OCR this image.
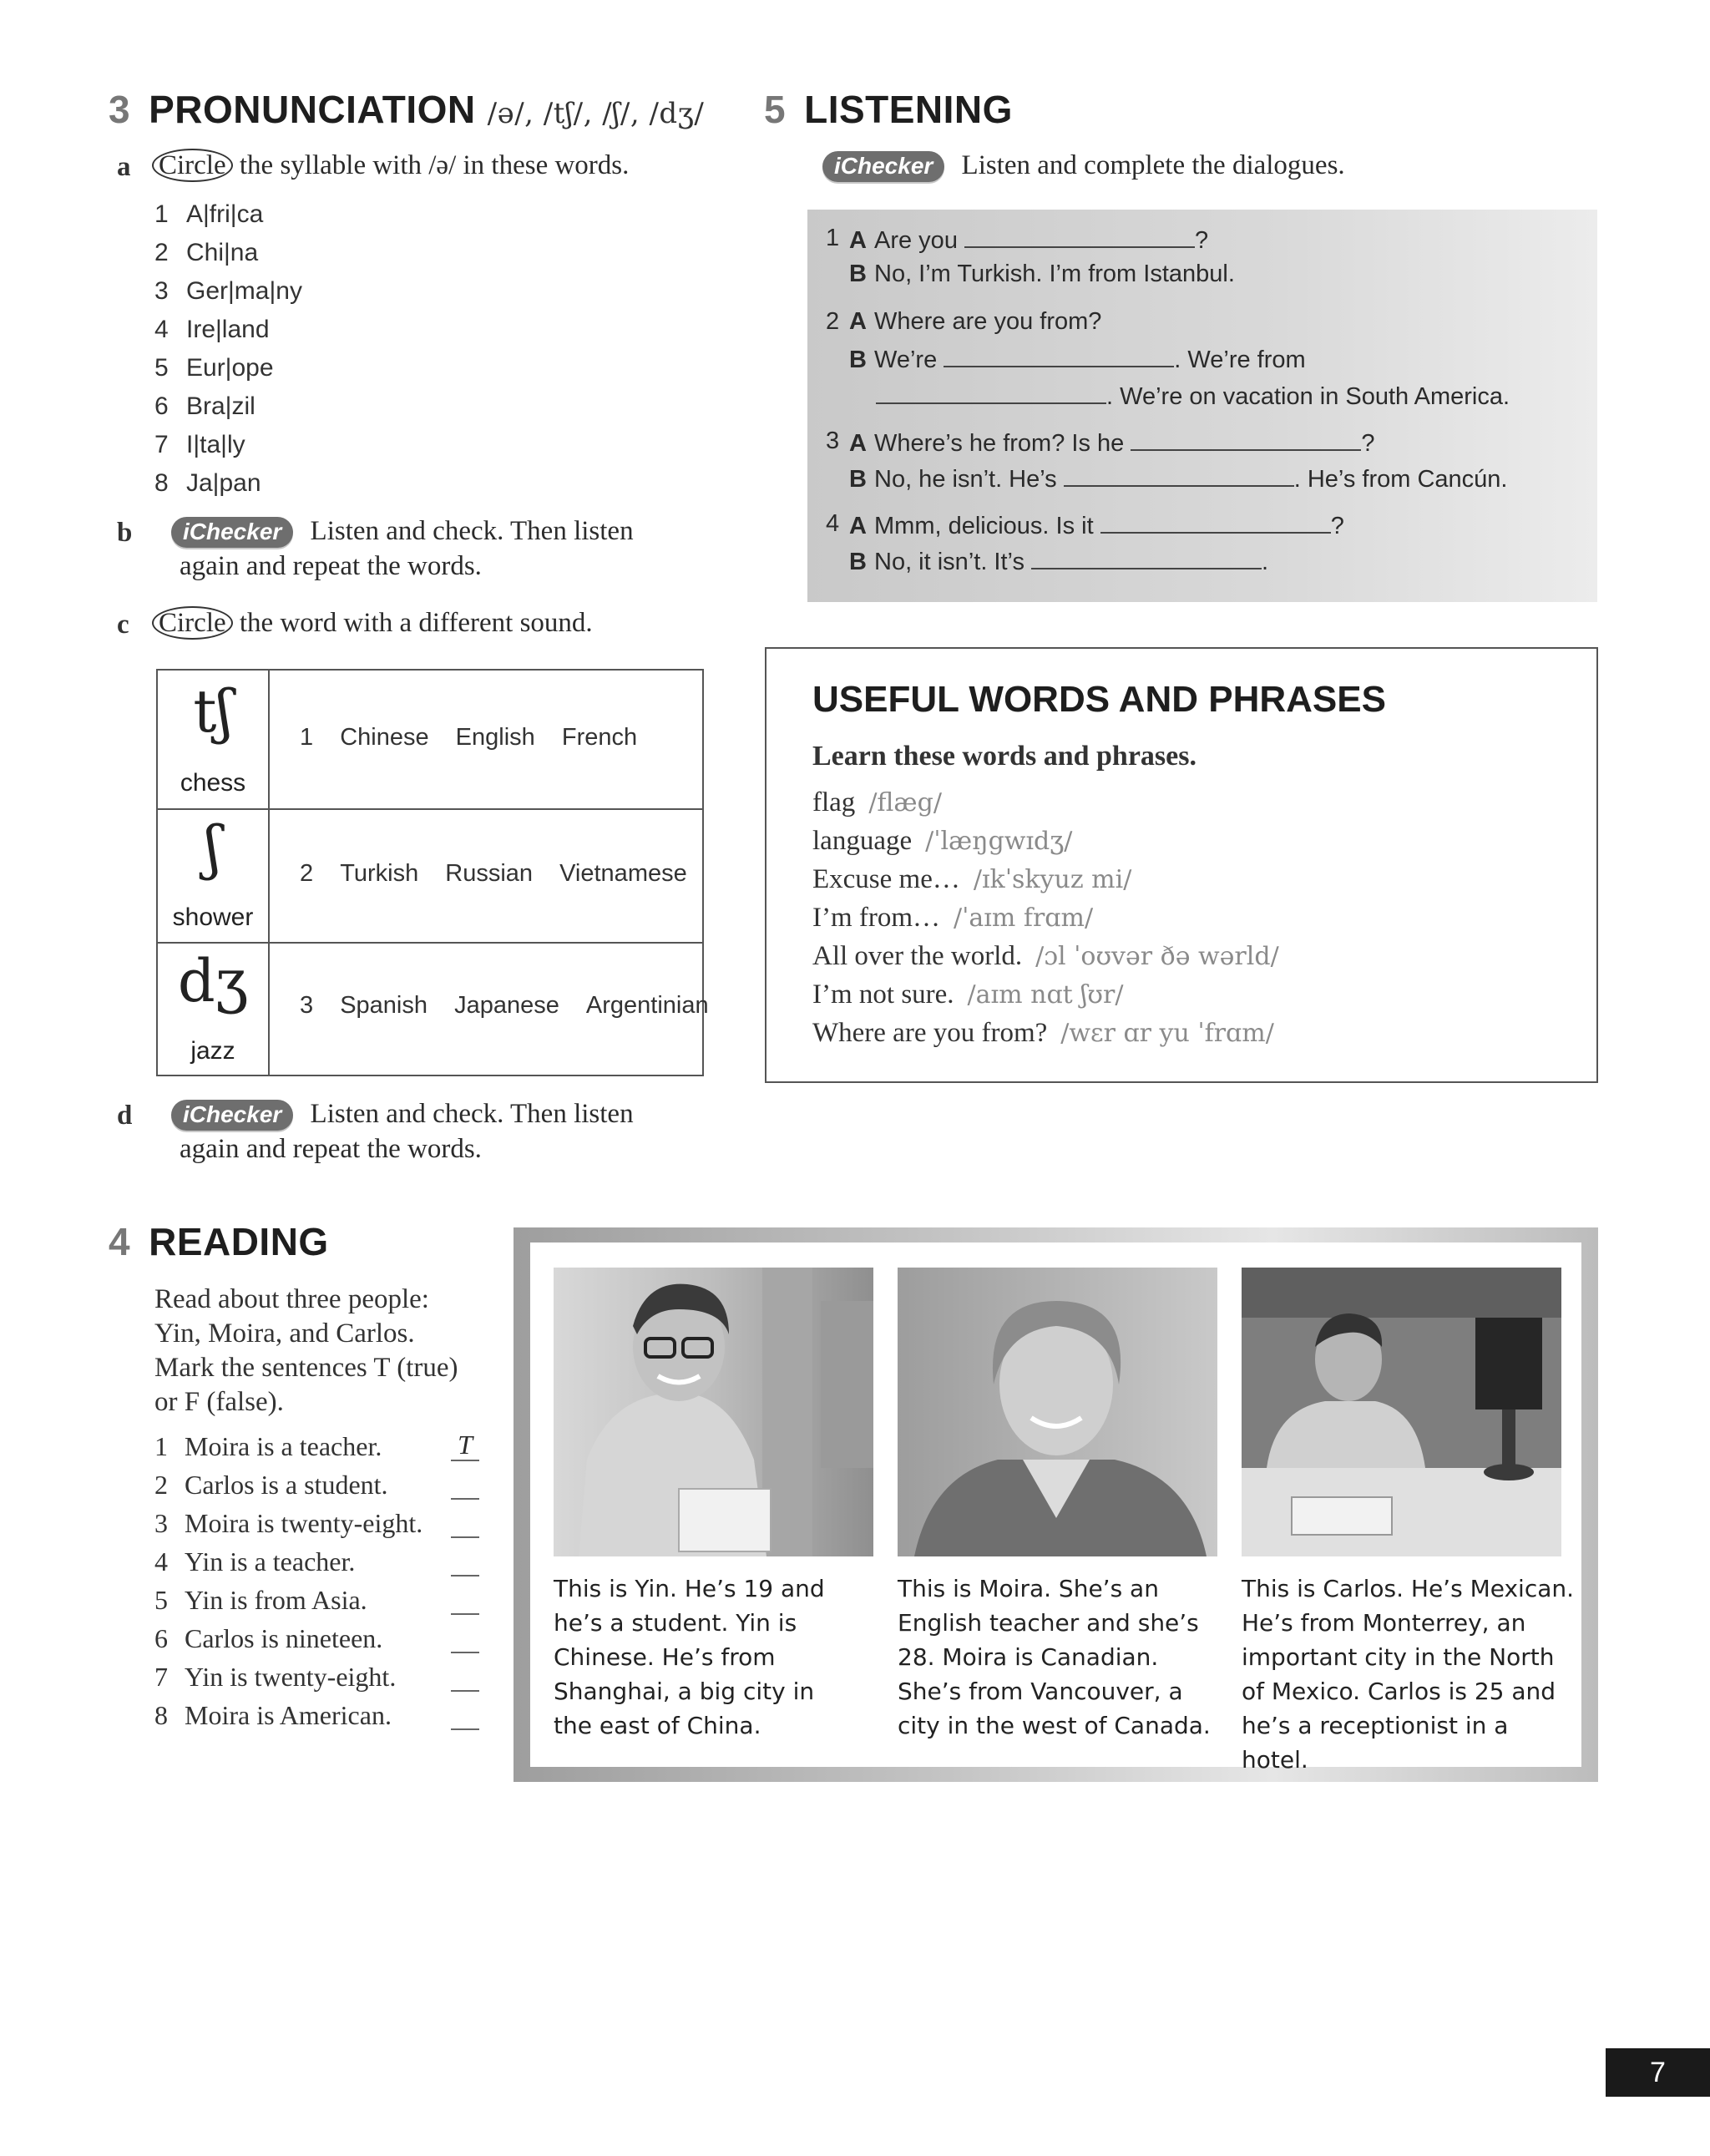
3 PRONUNCIATION /ə/, /tʃ/, /ʃ/, /dʒ/
a Circle the syllable with /ə/ in these words.
1 A|fri|ca
2 Chi|na
3 Ger|ma|ny
4 Ire|land
5 Eur|ope
6 Bra|zil
7 I|ta|ly
8 Ja|pan
b	iChecker Listen and check. Then listen
again and repeat the words.
c Circle the word with a different sound.
tʃ
chess
1 Chinese English French
ʃ
shower
2 Turkish Russian Vietnamese
dʒ
jazz
3 Spanish Japanese Argentinian
d	iChecker Listen and check. Then listen
again and repeat the words.
5 LISTENING
iChecker Listen and complete the dialogues.
1 A Are you	?
B No, I’m Turkish. I’m from Istanbul.
2 A Where are you from?
B We’re	. We’re from
. We’re on vacation in South America.
3 A Where’s he from? Is he	?
B No, he isn’t. He’s	. He’s from Cancún.
4 A Mmm, delicious. Is it	?
B No, it isn’t. It’s	.
USEFUL WORDS AND PHRASES
Learn these words and phrases.
flag /flæg/
language /ˈlæŋgwɪdʒ/
Excuse me… /ɪkˈskyuz mi/
I’m from… /ˈaɪm frɑm/
All over the world. /ɔl ˈoʊvər ðə wərld/
I’m not sure. /aɪm nɑt ʃʊr/
Where are you from? /wɛr ɑr yu ˈfrɑm/
4 READING
Read about three people:
Yin, Moira, and Carlos.
Mark the sentences T (true)
or F (false).
1 Moira is a teacher.	T
2 Carlos is a student.
3 Moira is twenty-eight.
4 Yin is a teacher.
5 Yin is from Asia.
6 Carlos is nineteen.
7 Yin is twenty-eight.
8 Moira is American.
This is Yin. He’s 19 and
he’s a student. Yin is
Chinese. He’s from
Shanghai, a big city in
the east of China.
This is Moira. She’s an
English teacher and she’s
28. Moira is Canadian.
She’s from Vancouver, a
city in the west of Canada.
This is Carlos. He’s Mexican.
He’s from Monterrey, an
important city in the North
of Mexico. Carlos is 25 and
he’s a receptionist in a hotel.
7
